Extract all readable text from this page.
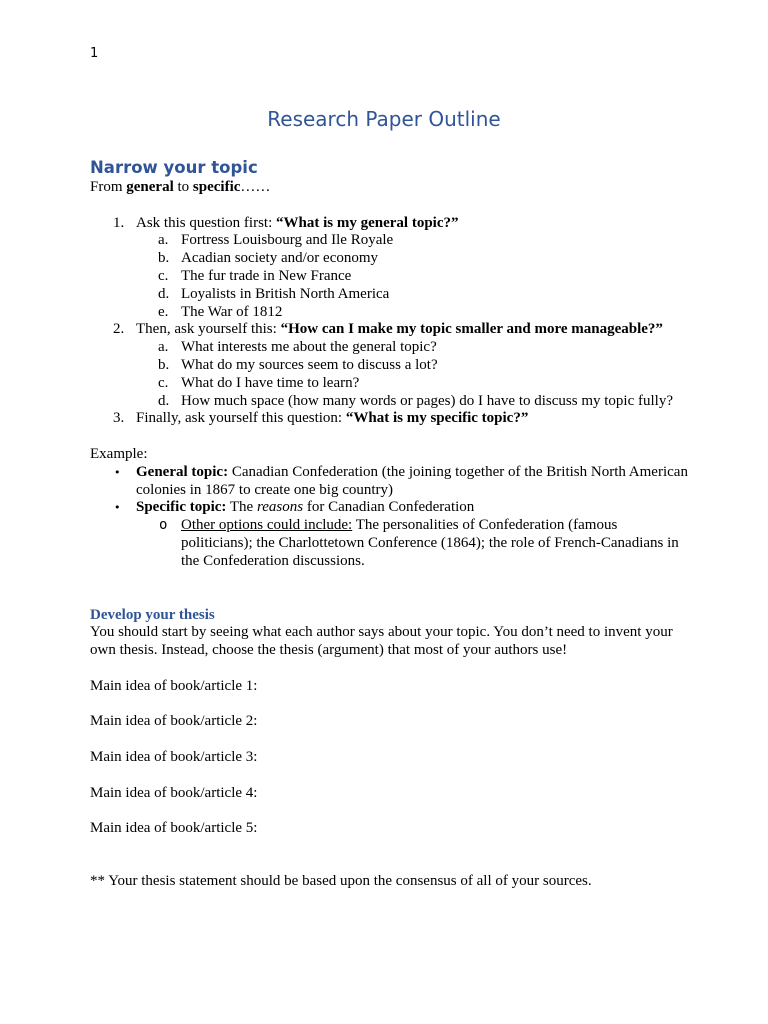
1
Research Paper Outline
Narrow your topic

From general to specific……

1. Ask this question first: “What is my general topic?”
a. Fortress Louisbourg and Ile Royale
b. Acadian society and/or economy
c. The fur trade in New France
d. Loyalists in British North America
e. The War of 1812
2. Then, ask yourself this: “How can I make my topic smaller and more manageable?”
a. What interests me about the general topic?
b. What do my sources seem to discuss a lot?
c. What do I have time to learn?
d. How much space (how many words or pages) do I have to discuss my topic fully?
3. Finally, ask yourself this question: “What is my specific topic?”

Example:

• General topic: Canadian Confederation (the joining together of the British North American colonies in 1867 to create one big country)
• Specific topic: The reasons for Canadian Confederation
o Other options could include: The personalities of Confederation (famous politicians); the Charlottetown Conference (1864); the role of French-Canadians in the Confederation discussions.
Develop your thesis

You should start by seeing what each author says about your topic. You don’t need to invent your own thesis. Instead, choose the thesis (argument) that most of your authors use!

Main idea of book/article 1:

Main idea of book/article 2:

Main idea of book/article 3:

Main idea of book/article 4:

Main idea of book/article 5:

** Your thesis statement should be based upon the consensus of all of your sources.
